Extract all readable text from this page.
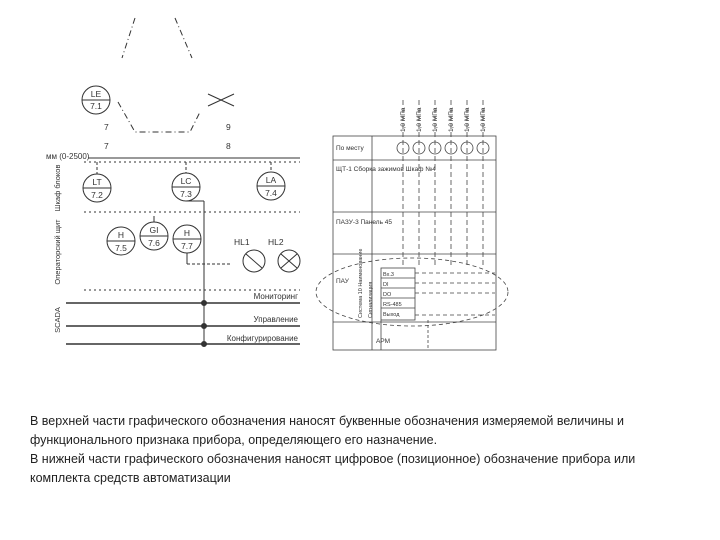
LE
7.1
LT
7.2
LC
7.3
LA
7.4
H
7.5
GI
7.6
H
7.7
7	9
7	8
мм (0-2500)
HL1 HL2
Шкаф блоков
Операторский щит
SCADA
Мониторинг
Управление
Конфигурирование
По месту
ЩТ-1 Сборка зажимов Шкаф №4
ПАЗУ-3 Панель 45
ПАУ
АРМ
1,0 МПа 1,0 МПа 1,0 МПа 1,0 МПа 1,0 МПа 1,0 МПа
Система 10 Наименование Сигнализация
Вх.3
DI
DO
RS-485
Выход

В верхней части графического обозначения наносят буквенные обозначения измеряемой величины и функционального признака прибора, определяющего его назначение.

В нижней части графического обозначения наносят цифровое (позиционное) обозначение прибора или комплекта средств автоматизации
